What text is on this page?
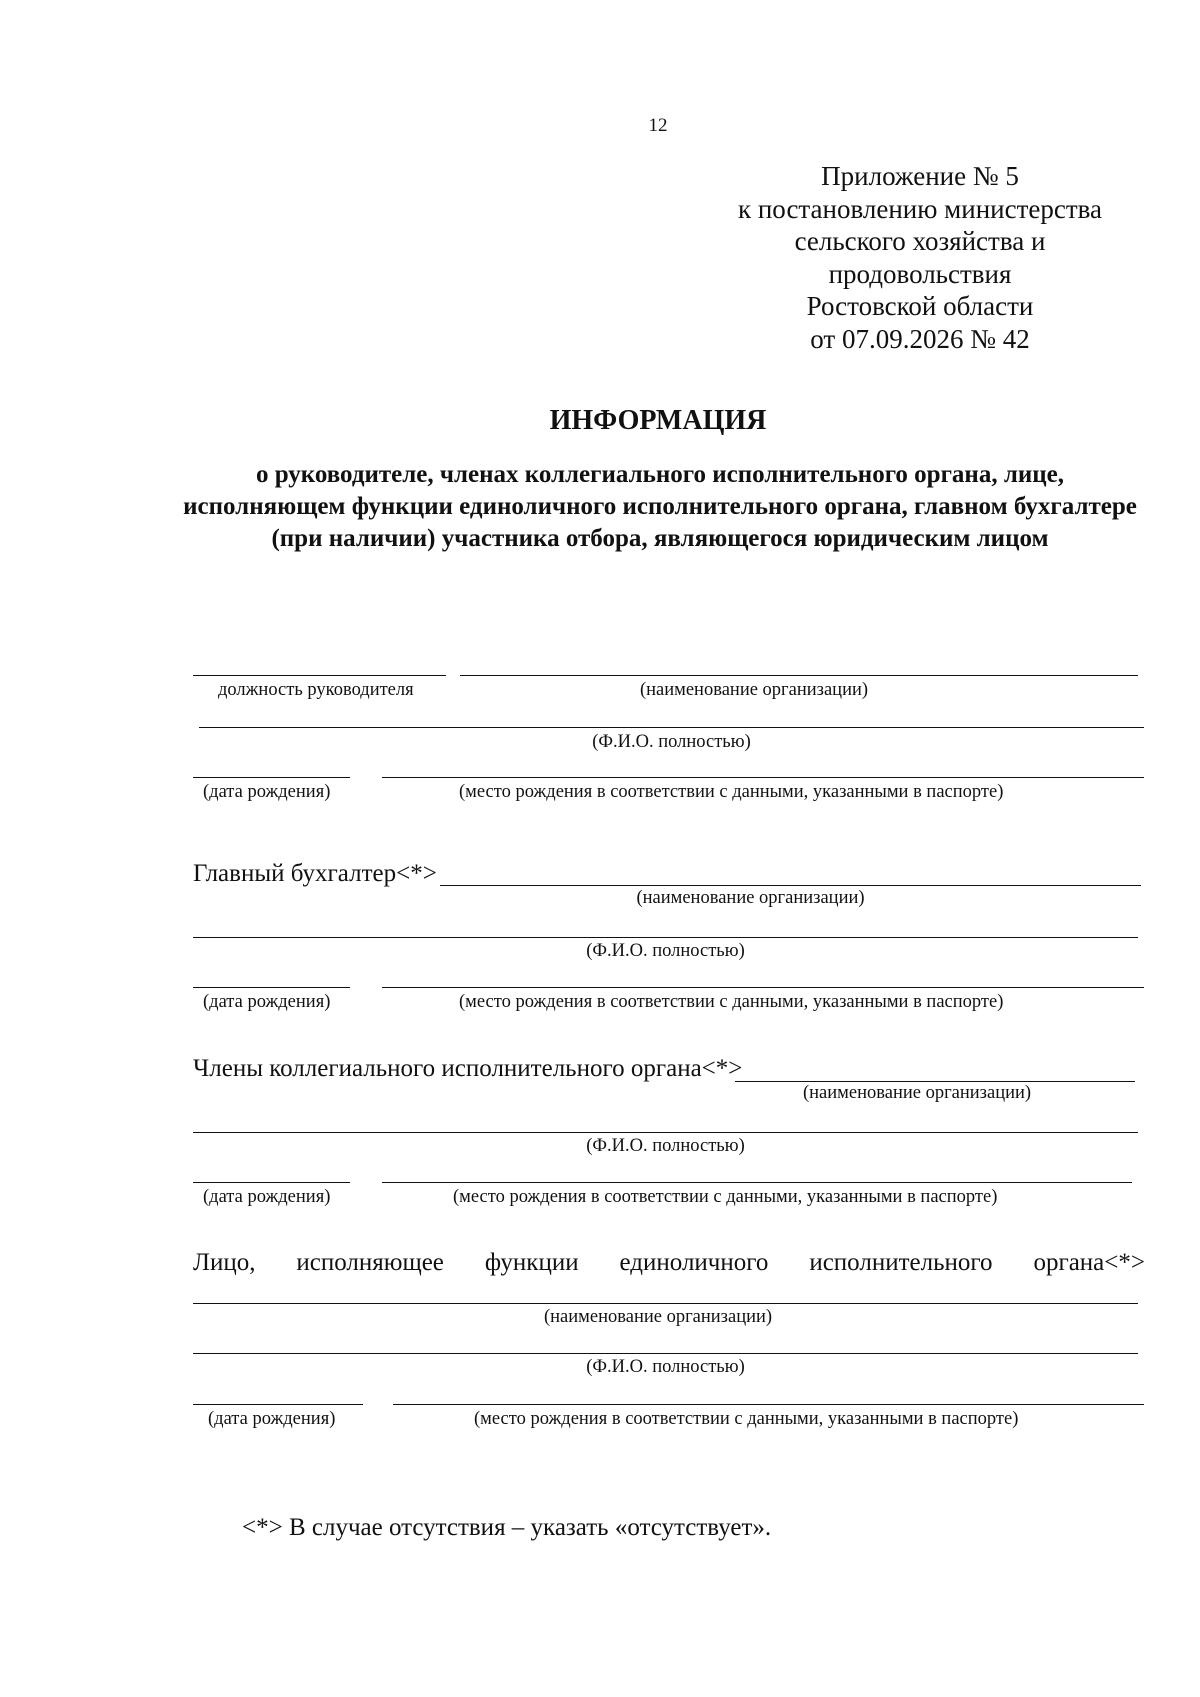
12
Приложение № 5
к постановлению министерства
сельского хозяйства и
продовольствия
Ростовской области
от 07.09.2026 № 42
ИНФОРМАЦИЯ
о руководителе, членах коллегиального исполнительного органа, лице, исполняющем функции единоличного исполнительного органа, главном бухгалтере (при наличии) участника отбора, являющегося юридическим лицом
должность руководителя	(наименование организации)
(Ф.И.О. полностью)
(дата рождения)	(место рождения в соответствии с данными, указанными в паспорте)
Главный бухгалтер<*>
(наименование организации)
(Ф.И.О. полностью)
(дата рождения)	(место рождения в соответствии с данными, указанными в паспорте)
Члены коллегиального исполнительного органа<*>
(наименование организации)
(Ф.И.О. полностью)
(дата рождения)	(место рождения в соответствии с данными, указанными в паспорте)
Лицо, исполняющее функции единоличного исполнительного органа<*>
(наименование организации)
(Ф.И.О. полностью)
(дата рождения)	(место рождения в соответствии с данными, указанными в паспорте)
<*> В случае отсутствия – указать «отсутствует».
